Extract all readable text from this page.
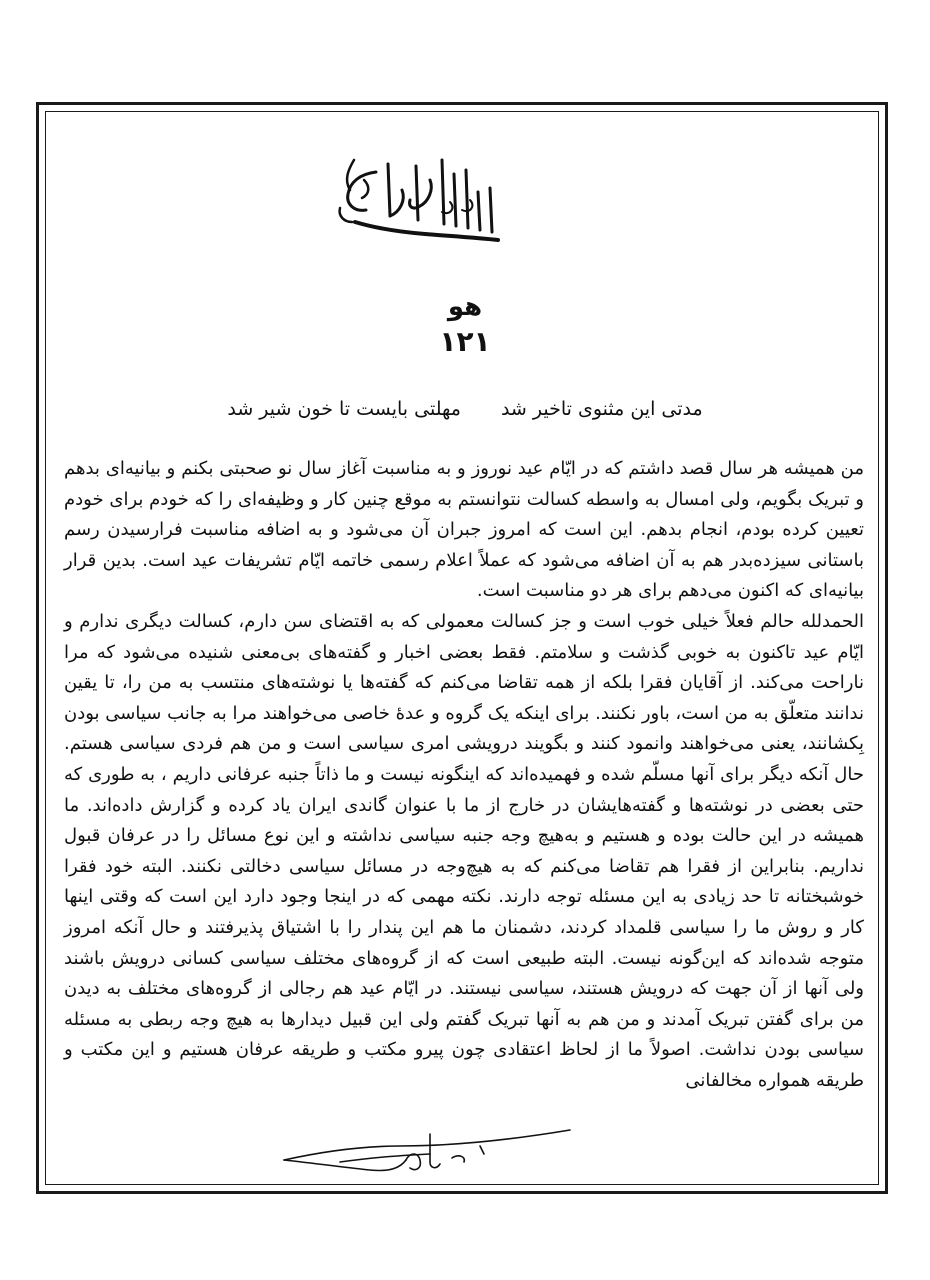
هو
۱۲۱
مدتی این مثنوی تاخیر شد
مهلتی بایست تا خون شیر شد

من همیشه هر سال قصد داشتم که در ایّام عید نوروز و به مناسبت آغاز سال نو صحبتی بکنم و بیانیه‌ای بدهم و تبریک بگویم، ولی امسال به واسطه کسالت نتوانستم به موقع چنین کار و وظیفه‌ای را که خودم برای خودم تعیین کرده بودم، انجام بدهم. این است که امروز جبران آن می‌شود و به اضافه مناسبت فرارسیدن رسم باستانی سیزده‌بدر هم به آن اضافه می‌شود که عملاً اعلام رسمی خاتمه ایّام تشریفات عید است. بدین قرار بیانیه‌ای که اکنون می‌دهم برای هر دو مناسبت است.

الحمدلله حالم فعلاً خیلی خوب است و جز کسالت معمولی که به اقتضای سن دارم، کسالت دیگری ندارم و ایّام عید تاکنون به خوبی گذشت و سلامتم. فقط بعضی اخبار و گفته‌های بی‌معنی شنیده می‌شود که مرا ناراحت می‌کند. از آقایان فقرا بلکه از همه تقاضا می‌کنم که گفته‌ها یا نوشته‌های منتسب به من را، تا یقین ندانند متعلّق به من است، باور نکنند. برای اینکه یک گروه و عدهٔ خاصی می‌خواهند مرا به جانب سیاسی بودن بِکشانند، یعنی می‌خواهند وانمود کنند و بگویند درویشی امری سیاسی است و من هم فردی سیاسی هستم. حال آنکه دیگر برای آنها مسلّم شده و فهمیده‌اند که اینگونه نیست و ما ذاتاً جنبه عرفانی داریم ، به طوری که حتی بعضی در نوشته‌ها و گفته‌هایشان در خارج از ما با عنوان گاندی ایران یاد کرده و گزارش داده‌اند. ما همیشه در این حالت بوده و هستیم و به‌هیچ وجه جنبه سیاسی نداشته و این نوع مسائل را در عرفان قبول نداریم. بنابراین از فقرا هم تقاضا می‌کنم که به هیچ‌وجه در مسائل سیاسی دخالتی نکنند. البته خود فقرا خوشبختانه تا حد زیادی به این مسئله توجه دارند. نکته مهمی که در اینجا وجود دارد این است که وقتی اینها کار و روش ما را سیاسی قلمداد کردند، دشمنان ما هم این پندار را با اشتیاق پذیرفتند و حال آنکه امروز متوجه شده‌اند که این‌گونه نیست. البته طبیعی است که از گروه‌های مختلف سیاسی کسانی درویش باشند ولی آنها از آن جهت که درویش هستند، سیاسی نیستند. در ایّام عید هم رجالی از گروه‌های مختلف به دیدن من برای گفتن تبریک آمدند و من هم به آنها تبریک گفتم ولی این قبیل دیدارها به هیچ وجه ربطی به مسئله سیاسی بودن نداشت. اصولاً ما از لحاظ اعتقادی چون پیرو مکتب و طریقه عرفان هستیم و این مکتب و طریقه همواره مخالفانی
